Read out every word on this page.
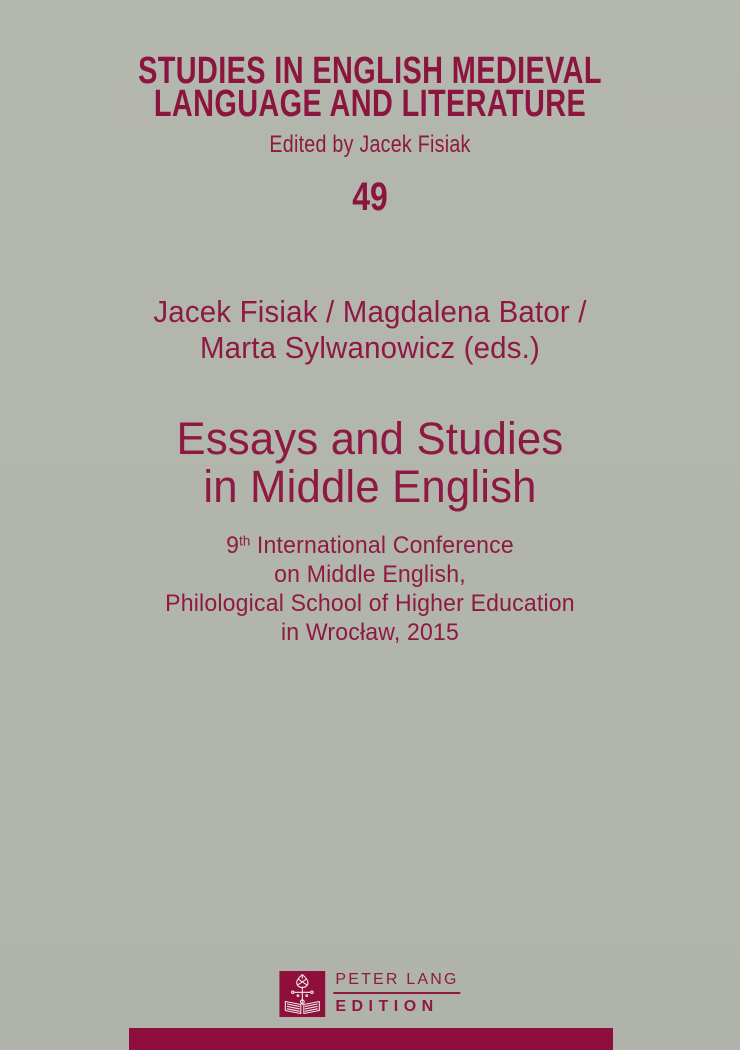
STUDIES IN ENGLISH MEDIEVAL
LANGUAGE AND LITERATURE
Edited by Jacek Fisiak
49
Jacek Fisiak / Magdalena Bator /
Marta Sylwanowicz (eds.)
Essays and Studies
in Middle English
9th International Conference
on Middle English,
Philological School of Higher Education
in Wrocław, 2015
PETER LANG
EDITION
